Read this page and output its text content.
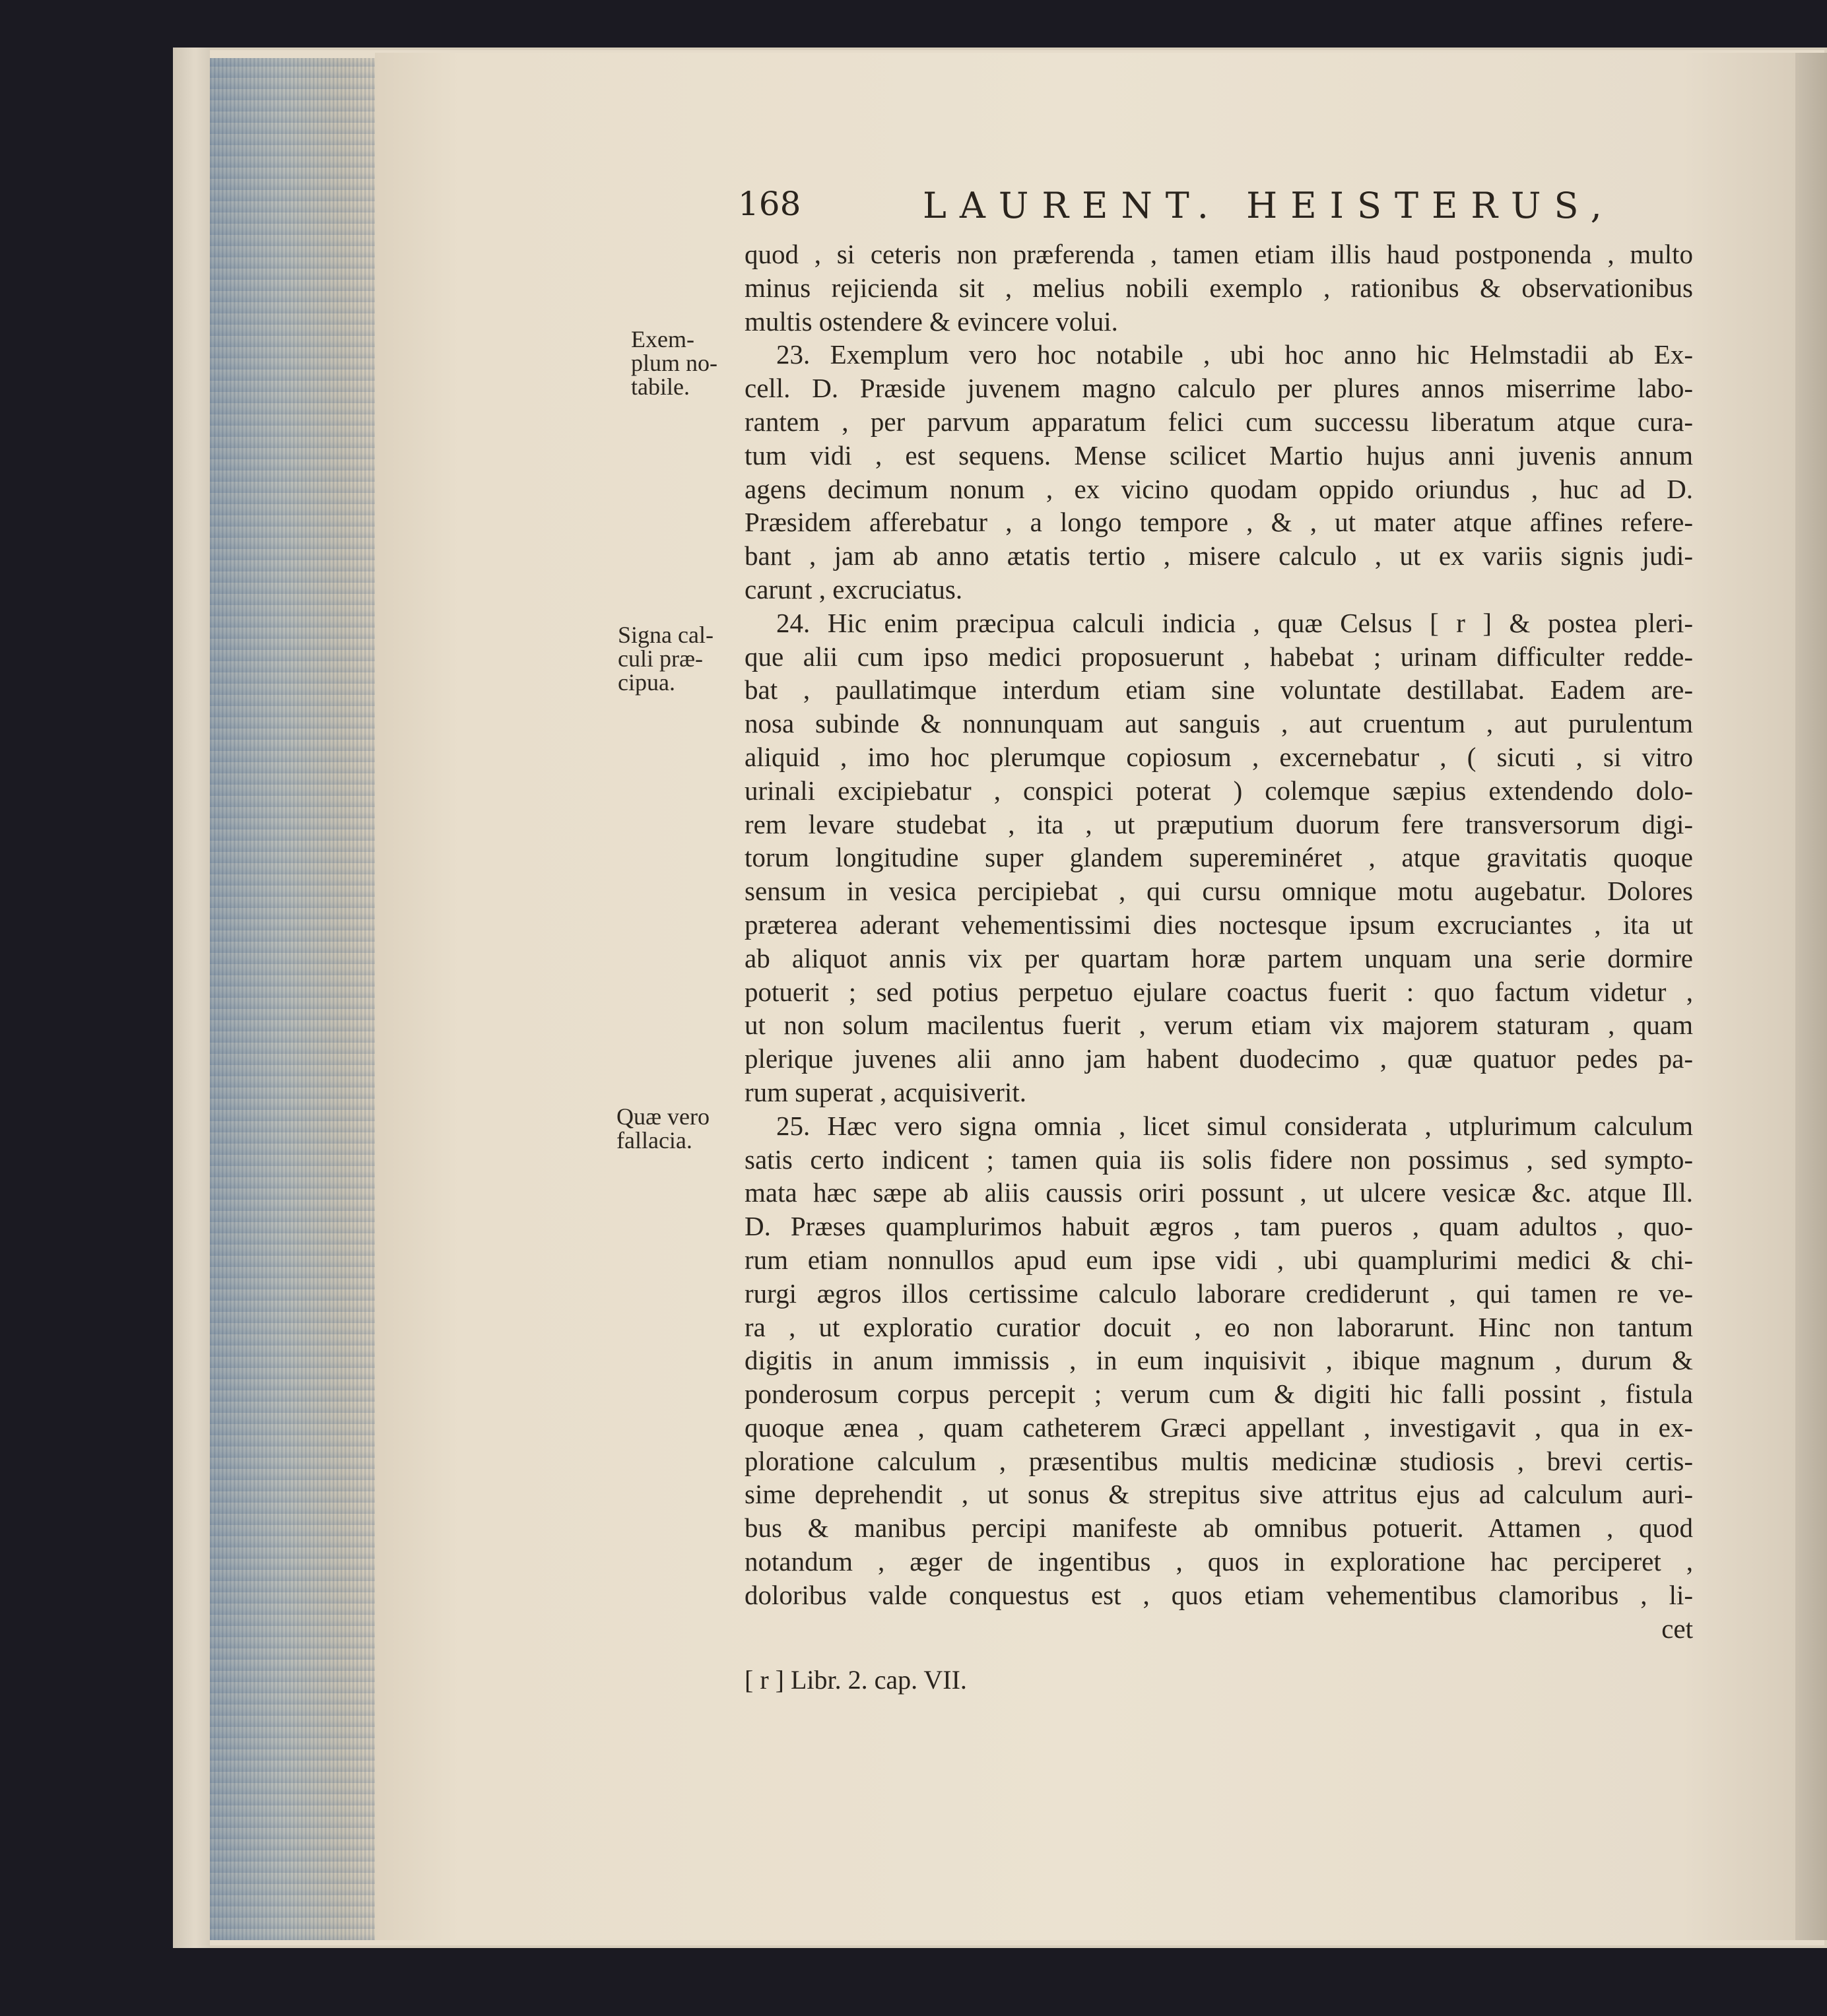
168	LAURENT. HEISTERUS,
Exem-
plum no-
tabile.
Signa cal-
culi præ-
cipua.
Quæ vero
fallacia.
quod , si ceteris non præferenda , tamen etiam illis haud postponenda , multo
minus rejicienda sit , melius nobili exemplo , rationibus & observationibus
multis ostendere & evincere volui.
23. Exemplum vero hoc notabile , ubi hoc anno hic Helmstadii ab Ex-
cell. D. Præside juvenem magno calculo per plures annos miserrime labo-
rantem , per parvum apparatum felici cum successu liberatum atque cura-
tum vidi , est sequens. Mense scilicet Martio hujus anni juvenis annum
agens decimum nonum , ex vicino quodam oppido oriundus , huc ad D.
Præsidem afferebatur , a longo tempore , & , ut mater atque affines refere-
bant , jam ab anno ætatis tertio , misere calculo , ut ex variis signis judi-
carunt , excruciatus.
24. Hic enim præcipua calculi indicia , quæ Celsus [ r ] & postea pleri-
que alii cum ipso medici proposuerunt , habebat ; urinam difficulter redde-
bat , paullatimque interdum etiam sine voluntate destillabat. Eadem are-
nosa subinde & nonnunquam aut sanguis , aut cruentum , aut purulentum
aliquid , imo hoc plerumque copiosum , excernebatur , ( sicuti , si vitro
urinali excipiebatur , conspici poterat ) colemque sæpius extendendo dolo-
rem levare studebat , ita , ut præputium duorum fere transversorum digi-
torum longitudine super glandem supereminéret , atque gravitatis quoque
sensum in vesica percipiebat , qui cursu omnique motu augebatur. Dolores
præterea aderant vehementissimi dies noctesque ipsum excruciantes , ita ut
ab aliquot annis vix per quartam horæ partem unquam una serie dormire
potuerit ; sed potius perpetuo ejulare coactus fuerit : quo factum videtur ,
ut non solum macilentus fuerit , verum etiam vix majorem staturam , quam
plerique juvenes alii anno jam habent duodecimo , quæ quatuor pedes pa-
rum superat , acquisiverit.
25. Hæc vero signa omnia , licet simul considerata , utplurimum calculum
satis certo indicent ; tamen quia iis solis fidere non possimus , sed sympto-
mata hæc sæpe ab aliis caussis oriri possunt , ut ulcere vesicæ &c. atque Ill.
D. Præses quamplurimos habuit ægros , tam pueros , quam adultos , quo-
rum etiam nonnullos apud eum ipse vidi , ubi quamplurimi medici & chi-
rurgi ægros illos certissime calculo laborare crediderunt , qui tamen re ve-
ra , ut exploratio curatior docuit , eo non laborarunt. Hinc non tantum
digitis in anum immissis , in eum inquisivit , ibique magnum , durum &
ponderosum corpus percepit ; verum cum & digiti hic falli possint , fistula
quoque ænea , quam catheterem Græci appellant , investigavit , qua in ex-
ploratione calculum , præsentibus multis medicinæ studiosis , brevi certis-
sime deprehendit , ut sonus & strepitus sive attritus ejus ad calculum auri-
bus & manibus percipi manifeste ab omnibus potuerit. Attamen , quod
notandum , æger de ingentibus , quos in exploratione hac perciperet ,
doloribus valde conquestus est , quos etiam vehementibus clamoribus , li-
cet
[ r ] Libr. 2. cap. VII.
